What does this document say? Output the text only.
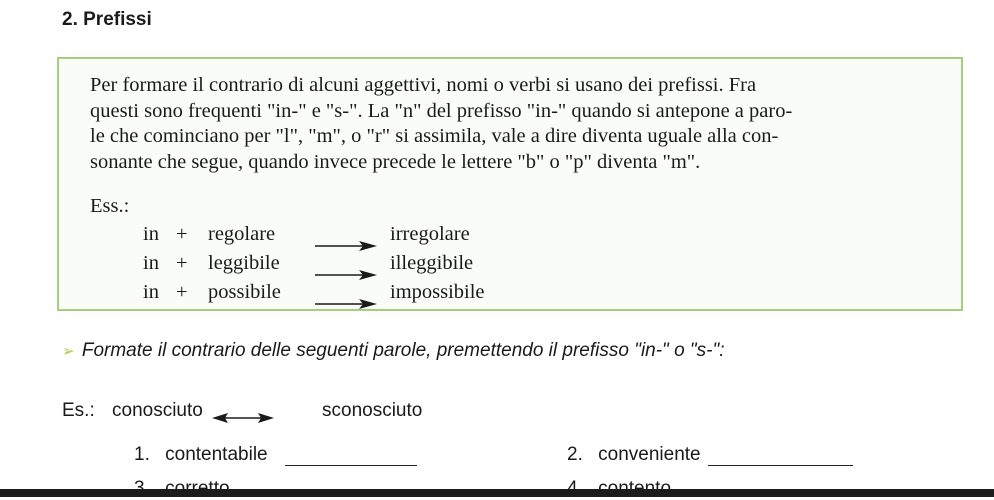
2. Prefissi
Per formare il contrario di alcuni aggettivi, nomi o verbi si usano dei prefissi. Fra
questi sono frequenti "in-" e "s-". La "n" del prefisso "in-" quando si antepone a paro-
le che cominciano per "l", "m", o "r" si assimila, vale a dire diventa uguale alla con-
sonante che segue, quando invece precede le lettere "b" o "p" diventa "m".
Ess.:
in + regolare	irregolare
in + leggibile	illeggibile
in + possibile	impossibile
➢ Formate il contrario delle seguenti parole, premettendo il prefisso "in-" o "s-":
Es.: conosciuto	sconosciuto
1. contentabile	2. conveniente
